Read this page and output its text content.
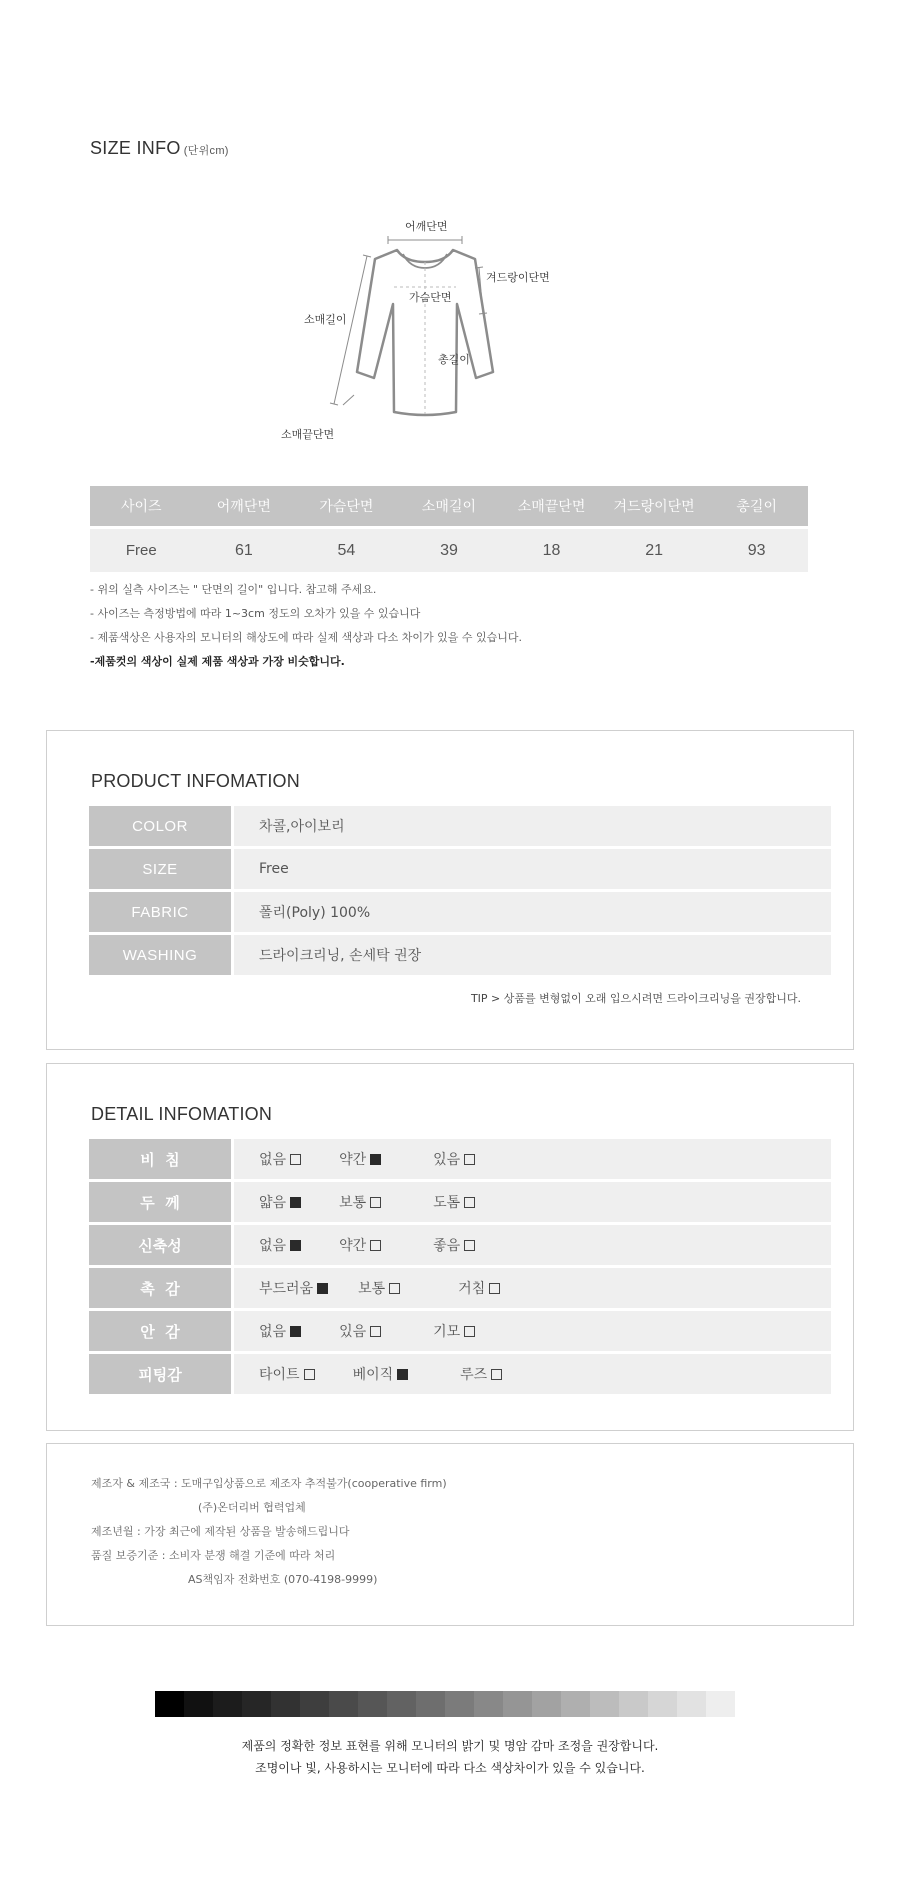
SIZE INFO (단위cm)
어깨단면
겨드랑이단면
가슴단면
소매길이
총길이
소매끝단면
사이즈	어깨단면	가슴단면	소매길이	소매끝단면	겨드랑이단면	총길이
Free	61	54	39	18	21	93
- 위의 실측 사이즈는 " 단면의 길이" 입니다. 참고해 주세요.
- 사이즈는 측정방법에 따라 1~3cm 정도의 오차가 있을 수 있습니다
- 제품색상은 사용자의 모니터의 해상도에 따라 실제 색상과 다소 차이가 있을 수 있습니다.
-제품컷의 색상이 실제 제품 색상과 가장 비슷합니다.
PRODUCT INFOMATION
COLOR	차콜,아이보리
SIZE	Free
FABRIC	폴리(Poly) 100%
WASHING	드라이크리닝, 손세탁 권장
TIP > 상품를 변형없이 오래 입으시려면 드라이크리닝을 권장합니다.
DETAIL INFOMATION
비  침	없음 약간 있음
두  께	얇음 보통 도톰
신축성	없음 약간 좋음
촉  감	부드러움 보통 거침
안  감	없음 있음 기모
피팅감	타이트 베이직 루즈
제조자 & 제조국 : 도매구입상품으로 제조자 추적불가(cooperative firm)
(주)온더리버 협력업체
제조년월 : 가장 최근에 제작된 상품을 발송해드립니다
품질 보증기준 : 소비자 분쟁 해결 기준에 따라 처리
AS책임자 전화번호 (070-4198-9999)
제품의 정확한 정보 표현를 위해 모니터의 밝기 및 명암 감마 조정을 권장합니다.
조명이나 빛, 사용하시는 모니터에 따라 다소 색상차이가 있을 수 있습니다.
